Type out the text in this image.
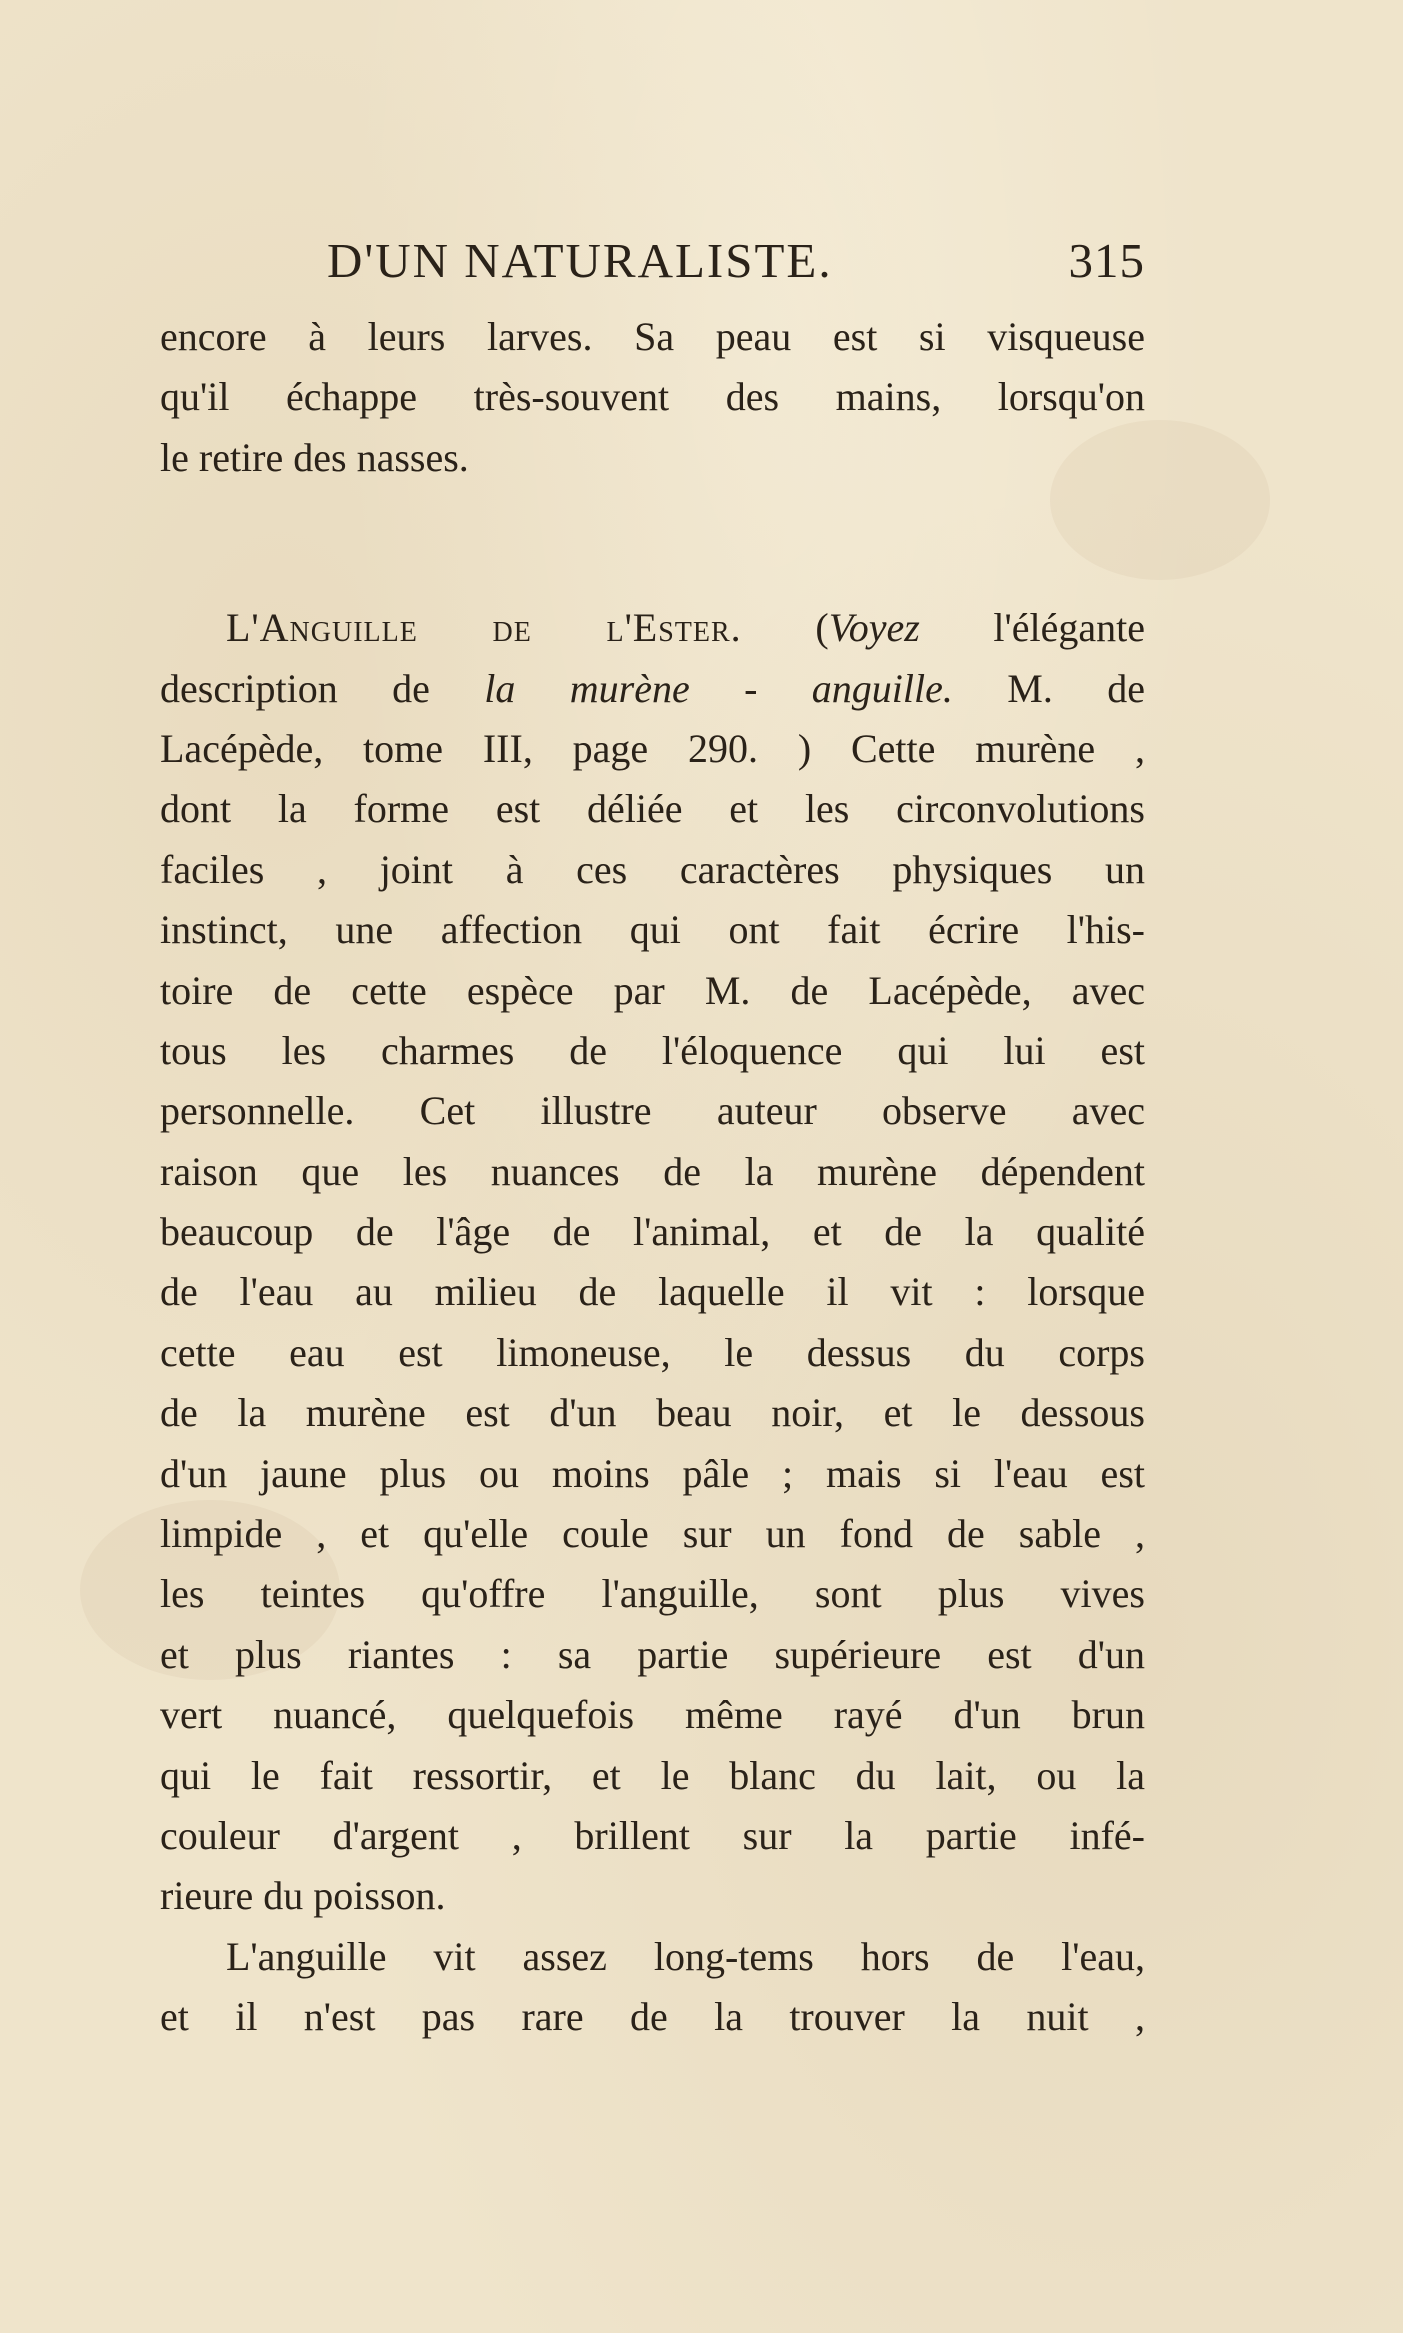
D'UN NATURALISTE.	315
encore à leurs larves. Sa peau est si visqueuse
qu'il échappe très-souvent des mains, lorsqu'on
le retire des nasses.
L'Anguille de l'Ester. (Voyez l'élégante
description de la murène - anguille. M. de
Lacépède, tome III, page 290. ) Cette murène ,
dont la forme est déliée et les circonvolutions
faciles , joint à ces caractères physiques un
instinct, une affection qui ont fait écrire l'his-
toire de cette espèce par M. de Lacépède, avec
tous les charmes de l'éloquence qui lui est
personnelle. Cet illustre auteur observe avec
raison que les nuances de la murène dépendent
beaucoup de l'âge de l'animal, et de la qualité
de l'eau au milieu de laquelle il vit : lorsque
cette eau est limoneuse, le dessus du corps
de la murène est d'un beau noir, et le dessous
d'un jaune plus ou moins pâle ; mais si l'eau est
limpide , et qu'elle coule sur un fond de sable ,
les teintes qu'offre l'anguille, sont plus vives
et plus riantes : sa partie supérieure est d'un
vert nuancé, quelquefois même rayé d'un brun
qui le fait ressortir, et le blanc du lait, ou la
couleur d'argent , brillent sur la partie infé-
rieure du poisson.
L'anguille vit assez long-tems hors de l'eau,
et il n'est pas rare de la trouver la nuit ,
